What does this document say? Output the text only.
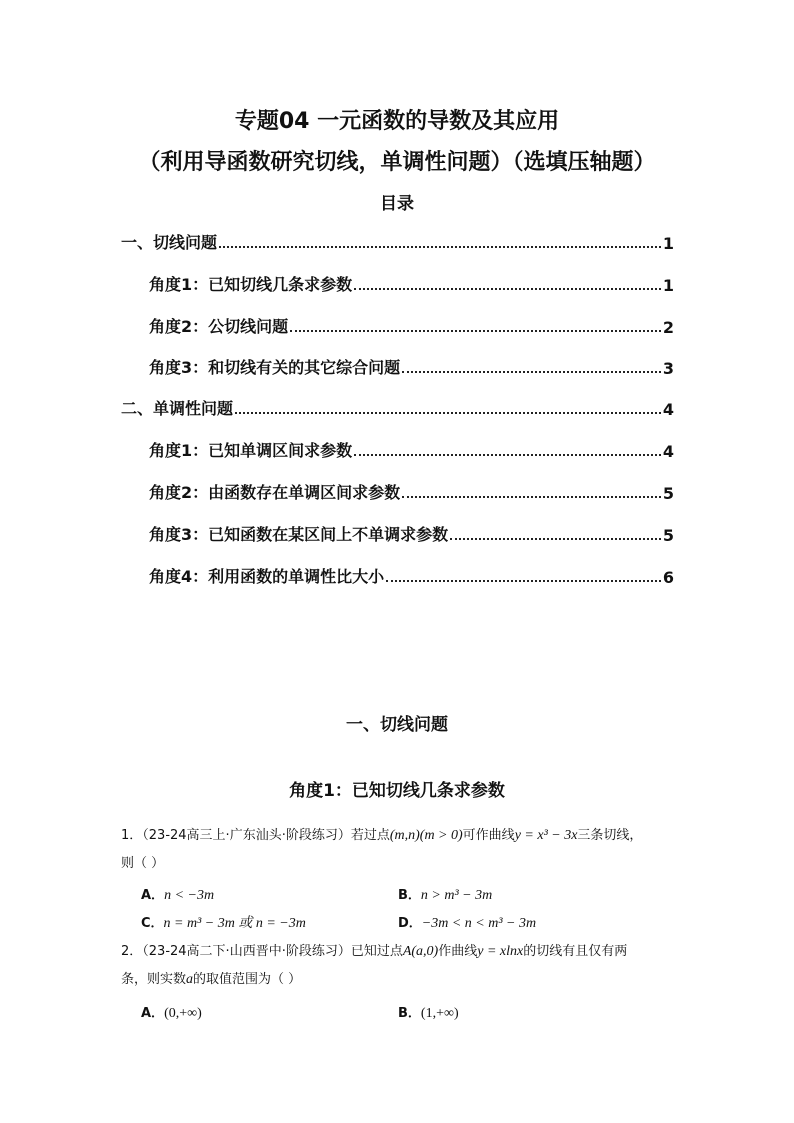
专题04 一元函数的导数及其应用
（利用导函数研究切线，单调性问题）（选填压轴题）
目录
一、切线问题	1
角度1：已知切线几条求参数	1
角度2：公切线问题	2
角度3：和切线有关的其它综合问题	3
二、单调性问题	4
角度1：已知单调区间求参数	4
角度2：由函数存在单调区间求参数	5
角度3：已知函数在某区间上不单调求参数	5
角度4：利用函数的单调性比大小	6
一、切线问题
角度1：已知切线几条求参数
1．（23-24高三上·广东汕头·阶段练习）若过点(m,n)(m > 0)可作曲线y = x³ − 3x三条切线，
则（ ）
A．n < −3m	B．n > m³ − 3m
C．n = m³ − 3m 或 n = −3m	D．−3m < n < m³ − 3m
2．（23-24高二下·山西晋中·阶段练习）已知过点A(a,0)作曲线y = xlnx的切线有且仅有两
条，则实数a的取值范围为（ ）
A．(0,+∞)	B．(1,+∞)
